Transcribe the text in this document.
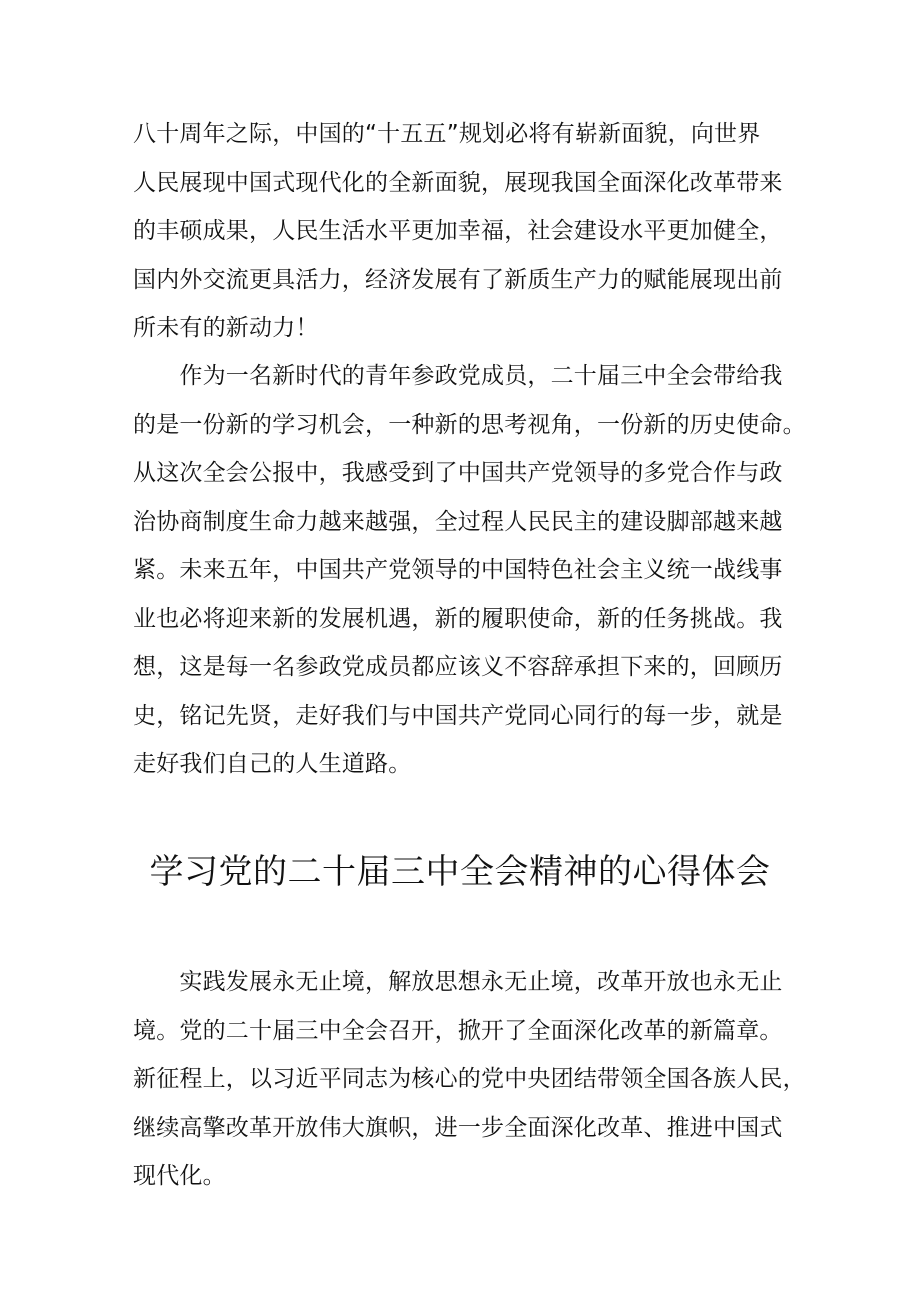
八十周年之际，中国的“十五五”规划必将有崭新面貌，向世界
人民展现中国式现代化的全新面貌，展现我国全面深化改革带来
的丰硕成果，人民生活水平更加幸福，社会建设水平更加健全，
国内外交流更具活力，经济发展有了新质生产力的赋能展现出前
所未有的新动力！

　　作为一名新时代的青年参政党成员，二十届三中全会带给我
的是一份新的学习机会，一种新的思考视角，一份新的历史使命。
从这次全会公报中，我感受到了中国共产党领导的多党合作与政
治协商制度生命力越来越强，全过程人民民主的建设脚部越来越
紧。未来五年，中国共产党领导的中国特色社会主义统一战线事
业也必将迎来新的发展机遇，新的履职使命，新的任务挑战。我
想，这是每一名参政党成员都应该义不容辞承担下来的，回顾历
史，铭记先贤，走好我们与中国共产党同心同行的每一步，就是
走好我们自己的人生道路。

学习党的二十届三中全会精神的心得体会

　　实践发展永无止境，解放思想永无止境，改革开放也永无止
境。党的二十届三中全会召开，掀开了全面深化改革的新篇章。
新征程上，以习近平同志为核心的党中央团结带领全国各族人民，
继续高擎改革开放伟大旗帜，进一步全面深化改革、推进中国式
现代化。
